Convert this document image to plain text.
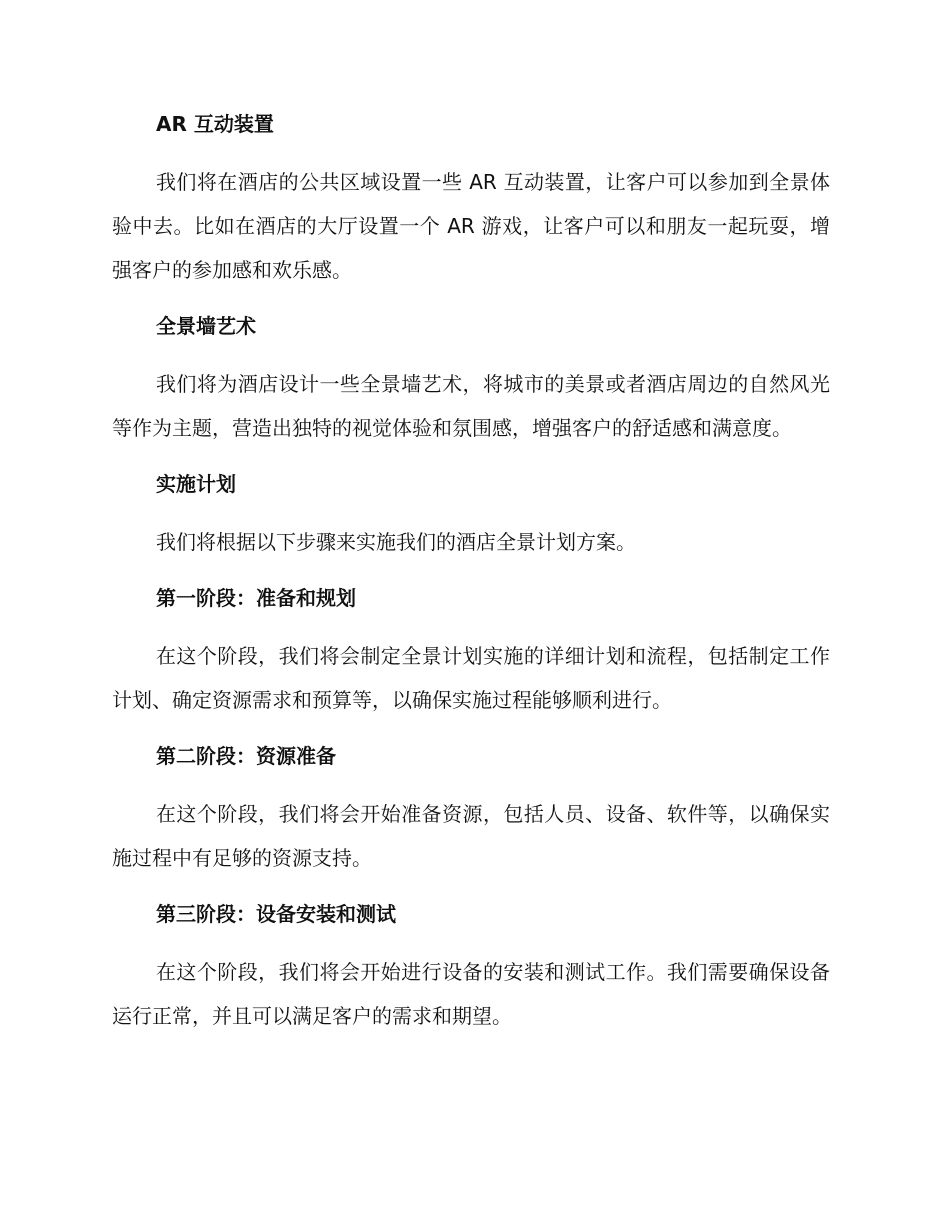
AR 互动装置

我们将在酒店的公共区域设置一些 AR 互动装置，让客户可以参加到全景体验中去。比如在酒店的大厅设置一个 AR 游戏，让客户可以和朋友一起玩耍，增强客户的参加感和欢乐感。

全景墙艺术

我们将为酒店设计一些全景墙艺术，将城市的美景或者酒店周边的自然风光等作为主题，营造出独特的视觉体验和氛围感，增强客户的舒适感和满意度。

实施计划

我们将根据以下步骤来实施我们的酒店全景计划方案。

第一阶段：准备和规划

在这个阶段，我们将会制定全景计划实施的详细计划和流程，包括制定工作计划、确定资源需求和预算等，以确保实施过程能够顺利进行。

第二阶段：资源准备

在这个阶段，我们将会开始准备资源，包括人员、设备、软件等，以确保实施过程中有足够的资源支持。

第三阶段：设备安装和测试

在这个阶段，我们将会开始进行设备的安装和测试工作。我们需要确保设备运行正常，并且可以满足客户的需求和期望。
